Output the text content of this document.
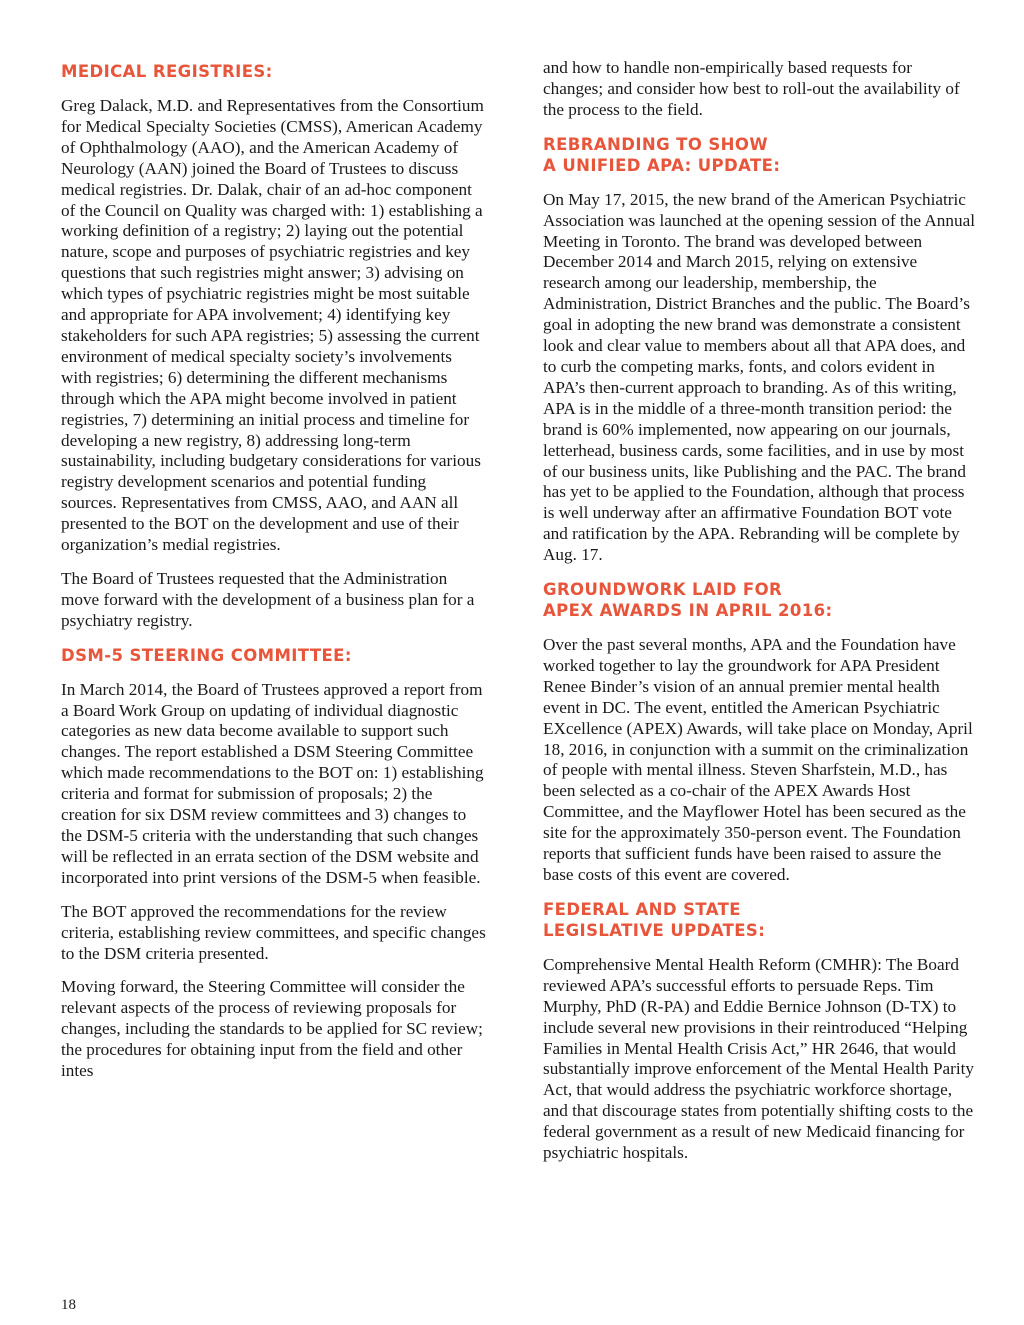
MEDICAL REGISTRIES:

Greg Dalack, M.D. and Representatives from the Consortium for Medical Specialty Societies (CMSS), American Academy of Ophthalmology (AAO), and the American Academy of Neurology (AAN) joined the Board of Trustees to discuss medical registries. Dr. Dalak, chair of an ad-hoc component of the Council on Quality was charged with: 1) establishing a working definition of a registry; 2) laying out the potential nature, scope and purposes of psychiatric registries and key questions that such registries might answer; 3) advising on which types of psychiatric registries might be most suitable and appropriate for APA involvement; 4) identifying key stakeholders for such APA registries; 5) assessing the current environment of medical specialty society’s involvements with registries; 6) determining the different mechanisms through which the APA might become involved in patient registries, 7) determining an initial process and timeline for developing a new registry, 8) addressing long-term sustainability, including budgetary considerations for various registry development scenarios and potential funding sources. Representatives from CMSS, AAO, and AAN all presented to the BOT on the development and use of their organization’s medial registries.

The Board of Trustees requested that the Administration move forward with the development of a business plan for a psychiatry registry.

DSM-5 STEERING COMMITTEE:

In March 2014, the Board of Trustees approved a report from a Board Work Group on updating of individual diagnostic categories as new data become available to support such changes. The report established a DSM Steering Committee which made recommendations to the BOT on: 1) establishing criteria and format for submission of proposals; 2) the creation for six DSM review committees and 3) changes to the DSM-5 criteria with the understanding that such changes will be reflected in an errata section of the DSM website and incorporated into print versions of the DSM-5 when feasible.

The BOT approved the recommendations for the review criteria, establishing review committees, and specific changes to the DSM criteria presented.

Moving forward, the Steering Committee will consider the relevant aspects of the process of reviewing proposals for changes, including the standards to be applied for SC review; the procedures for obtaining input from the field and other intes

and how to handle non-empirically based requests for changes; and consider how best to roll-out the availability of the process to the field.

REBRANDING TO SHOW
A UNIFIED APA: UPDATE:

On May 17, 2015, the new brand of the American Psychiatric Association was launched at the opening session of the Annual Meeting in Toronto. The brand was developed between December 2014 and March 2015, relying on extensive research among our leadership, membership, the Administration, District Branches and the public. The Board’s goal in adopting the new brand was demonstrate a consistent look and clear value to members about all that APA does, and to curb the competing marks, fonts, and colors evident in APA’s then-current approach to branding. As of this writing, APA is in the middle of a three-month transition period: the brand is 60% implemented, now appearing on our journals, letterhead, business cards, some facilities, and in use by most of our business units, like Publishing and the PAC. The brand has yet to be applied to the Foundation, although that process is well underway after an affirmative Foundation BOT vote and ratification by the APA. Rebranding will be complete by Aug. 17.

GROUNDWORK LAID FOR
APEX AWARDS IN APRIL 2016:

Over the past several months, APA and the Foundation have worked together to lay the groundwork for APA President Renee Binder’s vision of an annual premier mental health event in DC. The event, entitled the American Psychiatric EXcellence (APEX) Awards, will take place on Monday, April 18, 2016, in conjunction with a summit on the criminalization of people with mental illness. Steven Sharfstein, M.D., has been selected as a co-chair of the APEX Awards Host Committee, and the Mayflower Hotel has been secured as the site for the approximately 350-person event. The Foundation reports that sufficient funds have been raised to assure the base costs of this event are covered.

FEDERAL AND STATE
LEGISLATIVE UPDATES:

Comprehensive Mental Health Reform (CMHR): The Board reviewed APA’s successful efforts to persuade Reps. Tim Murphy, PhD (R-PA) and Eddie Bernice Johnson (D-TX) to include several new provisions in their reintroduced “Helping Families in Mental Health Crisis Act,” HR 2646, that would substantially improve enforcement of the Mental Health Parity Act, that would address the psychiatric workforce shortage, and that discourage states from potentially shifting costs to the federal government as a result of new Medicaid financing for psychiatric hospitals.

18
